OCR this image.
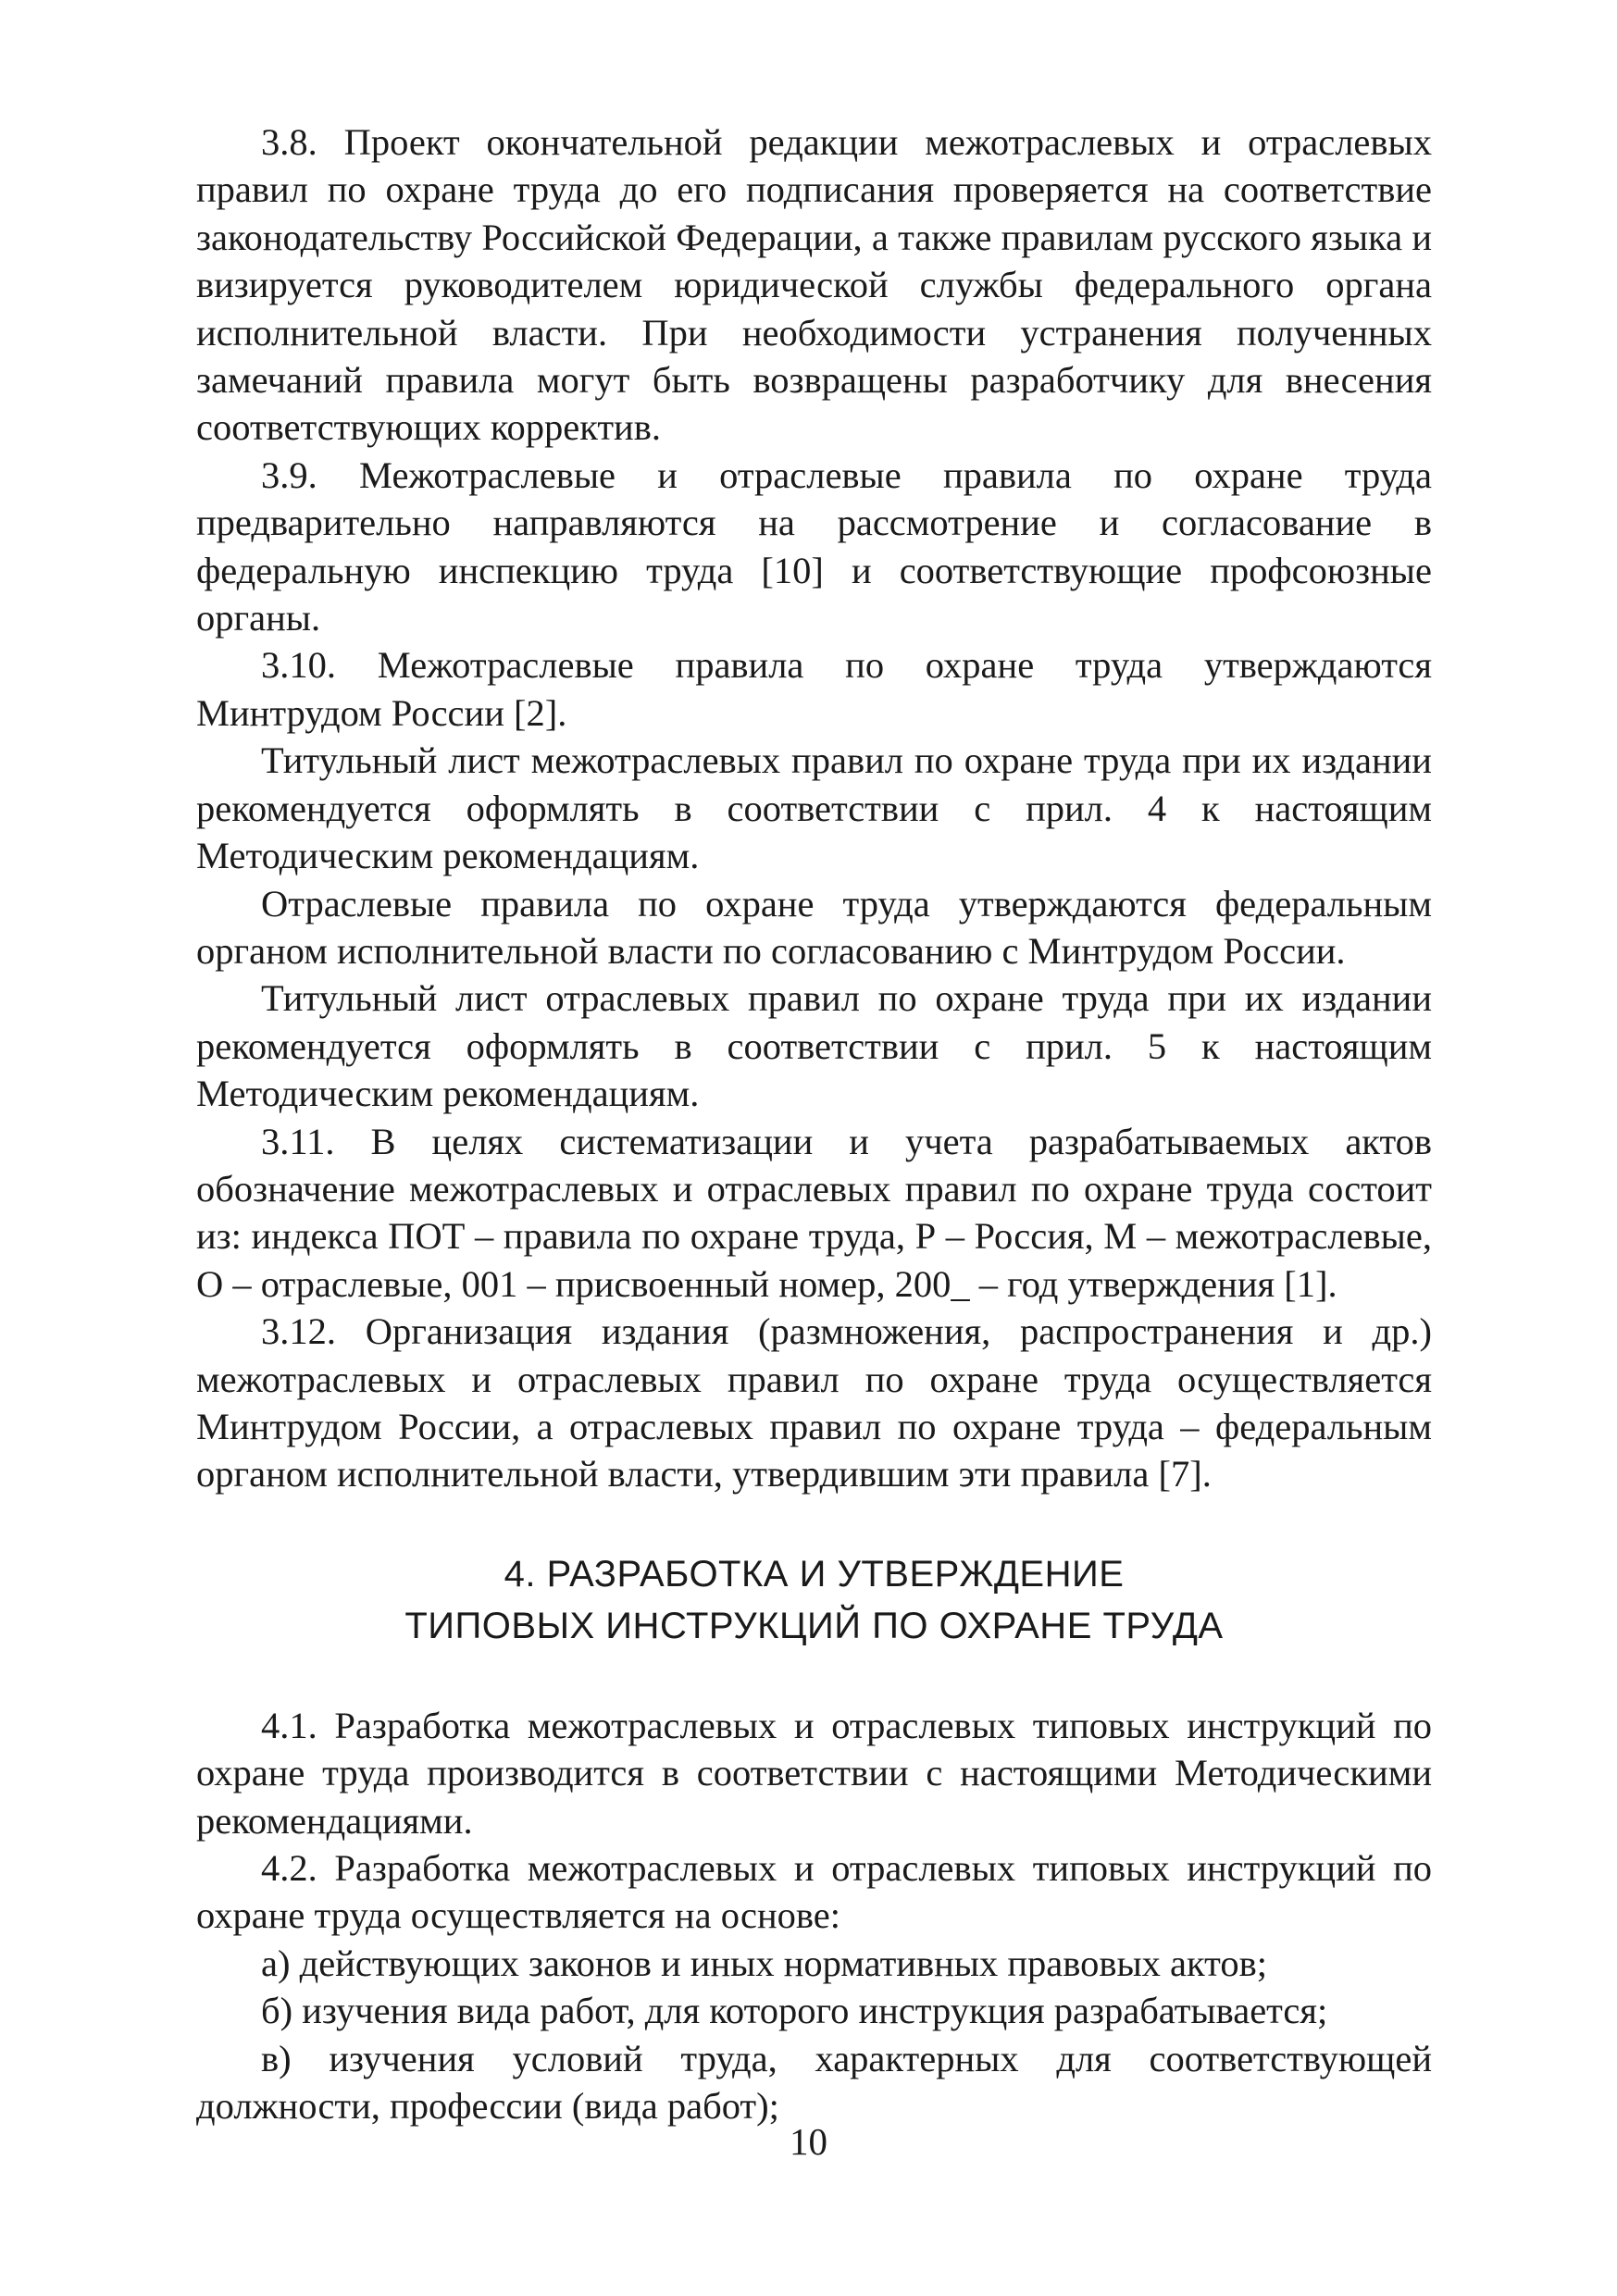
3.8. Проект окончательной редакции межотраслевых и отраслевых правил по охране труда до его подписания проверяется на соответствие законодательству Российской Федерации, а также правилам русского языка и визируется руководителем юридической службы федерального органа исполнительной власти. При необходимости устранения полученных замечаний правила могут быть возвращены разработчику для внесения соответствующих корректив.

3.9. Межотраслевые и отраслевые правила по охране труда предварительно направляются на рассмотрение и согласование в федеральную инспекцию труда [10] и соответствующие профсоюзные органы.

3.10. Межотраслевые правила по охране труда утверждаются Минтрудом России [2].

Титульный лист межотраслевых правил по охране труда при их издании рекомендуется оформлять в соответствии с прил. 4 к настоящим Методическим рекомендациям.

Отраслевые правила по охране труда утверждаются федеральным органом исполнительной власти по согласованию с Минтрудом России.

Титульный лист отраслевых правил по охране труда при их издании рекомендуется оформлять в соответствии с прил. 5 к настоящим Методическим рекомендациям.

3.11. В целях систематизации и учета разрабатываемых актов обозначение межотраслевых и отраслевых правил по охране труда состоит из: индекса ПОТ – правила по охране труда, Р – Россия, М – межотраслевые, О – отраслевые, 001 – присвоенный номер, 200_ – год утверждения [1].

3.12. Организация издания (размножения, распространения и др.) межотраслевых и отраслевых правил по охране труда осуществляется Минтрудом России, а отраслевых правил по охране труда – федеральным органом исполнительной власти, утвердившим эти правила [7].

4. РАЗРАБОТКА И УТВЕРЖДЕНИЕ

ТИПОВЫХ ИНСТРУКЦИЙ ПО ОХРАНЕ ТРУДА

4.1. Разработка межотраслевых и отраслевых типовых инструкций по охране труда производится в соответствии с настоящими Методическими рекомендациями.

4.2. Разработка межотраслевых и отраслевых типовых инструкций по охране труда осуществляется на основе:

а) действующих законов и иных нормативных правовых актов;

б) изучения вида работ, для которого инструкция разрабатывается;

в) изучения условий труда, характерных для соответствующей должности, профессии (вида работ);

10
